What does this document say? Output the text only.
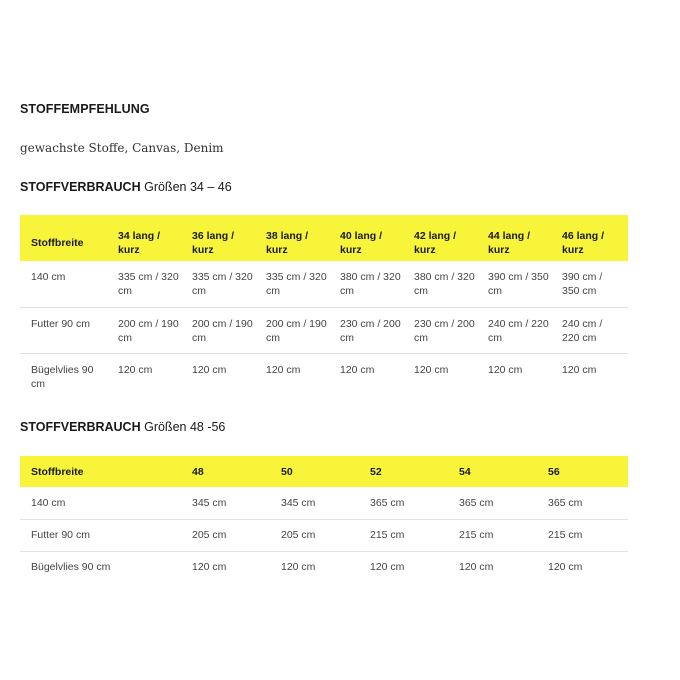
STOFFEMPFEHLUNG

gewachste Stoffe, Canvas, Denim

STOFFVERBRAUCH Größen 34 – 46
Stoffbreite	34 lang / kurz	36 lang / kurz	38 lang / kurz	40 lang / kurz	42 lang / kurz	44 lang / kurz	46 lang / kurz
140 cm	335 cm / 320 cm	335 cm / 320 cm	335 cm / 320 cm	380 cm / 320 cm	380 cm / 320 cm	390 cm / 350 cm	390 cm / 350 cm
Futter 90 cm	200 cm / 190 cm	200 cm / 190 cm	200 cm / 190 cm	230 cm / 200 cm	230 cm / 200 cm	240 cm / 220 cm	240 cm / 220 cm
Bügelvlies 90 cm	120 cm	120 cm	120 cm	120 cm	120 cm	120 cm	120 cm
STOFFVERBRAUCH Größen 48 -56
Stoffbreite	48	50	52	54	56
140 cm	345 cm	345 cm	365 cm	365 cm	365 cm
Futter 90 cm	205 cm	205 cm	215 cm	215 cm	215 cm
Bügelvlies 90 cm	120 cm	120 cm	120 cm	120 cm	120 cm
